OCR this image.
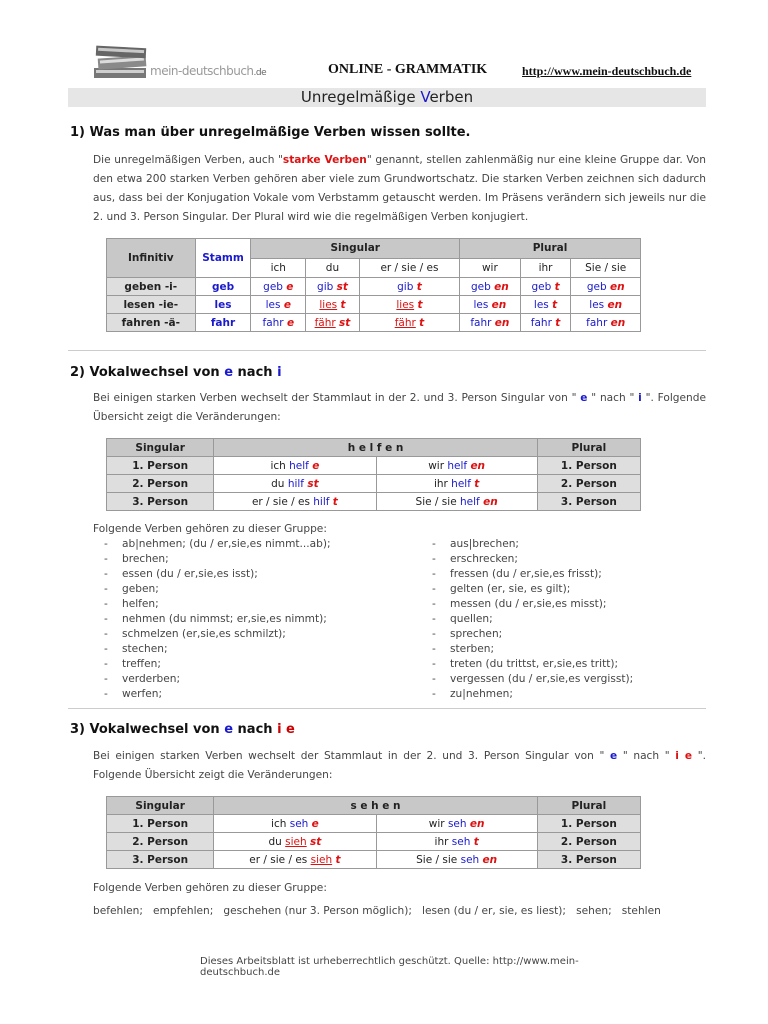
mein-deutschbuch.de	ONLINE - GRAMMATIK	http://www.mein-deutschbuch.de
Unregelmäßige Verben
1) Was man über unregelmäßige Verben wissen sollte.

Die unregelmäßigen Verben, auch "starke Verben" genannt, stellen zahlenmäßig nur eine kleine Gruppe dar. Von den etwa 200 starken Verben gehören aber viele zum Grundwortschatz. Die starken Verben zeichnen sich dadurch aus, dass bei der Konjugation Vokale vom Verbstamm getauscht werden. Im Präsens verändern sich jeweils nur die 2. und 3. Person Singular. Der Plural wird wie die regelmäßigen Verben konjugiert.

Infinitiv	Stamm	Singular			Plural		
		ich	du	er / sie / es	wir	ihr	Sie / sie
geben -i-	geb	geb e	gib st	gib t	geb en	geb t	geb en
lesen -ie-	les	les e	lies t	lies t	les en	les t	les en
fahren -ä-	fahr	fahr e	fähr st	fähr t	fahr en	fahr t	fahr en
2) Vokalwechsel von e nach i

Bei einigen starken Verben wechselt der Stammlaut in der 2. und 3. Person Singular von " e " nach " i ". Folgende Übersicht zeigt die Veränderungen:

Singular	h e l f e n		Plural
1. Person	ich helf e	wir helf en	1. Person
2. Person	du hilf st	ihr helf t	2. Person
3. Person	er / sie / es hilf t	Sie / sie helf en	3. Person
Folgende Verben gehören zu dieser Gruppe:
- ab|nehmen; (du / er,sie,es nimmt...ab);
- brechen;
- essen (du / er,sie,es isst);
- geben;
- helfen;
- nehmen (du nimmst; er,sie,es nimmt);
- schmelzen (er,sie,es schmilzt);
- stechen;
- treffen;
- verderben;
- werfen;
- aus|brechen;
- erschrecken;
- fressen (du / er,sie,es frisst);
- gelten (er, sie, es gilt);
- messen (du / er,sie,es misst);
- quellen;
- sprechen;
- sterben;
- treten (du trittst, er,sie,es tritt);
- vergessen (du / er,sie,es vergisst);
- zu|nehmen;
3) Vokalwechsel von e nach i e

Bei einigen starken Verben wechselt der Stammlaut in der 2. und 3. Person Singular von " e " nach " i e ". Folgende Übersicht zeigt die Veränderungen:

Singular	s e h e n		Plural
1. Person	ich seh e	wir seh en	1. Person
2. Person	du sieh st	ihr seh t	2. Person
3. Person	er / sie / es sieh t	Sie / sie seh en	3. Person
Folgende Verben gehören zu dieser Gruppe:
befehlen;   empfehlen;   geschehen (nur 3. Person möglich);   lesen (du / er, sie, es liest);   sehen;   stehlen
Dieses Arbeitsblatt ist urheberrechtlich geschützt. Quelle: http://www.mein-deutschbuch.de
